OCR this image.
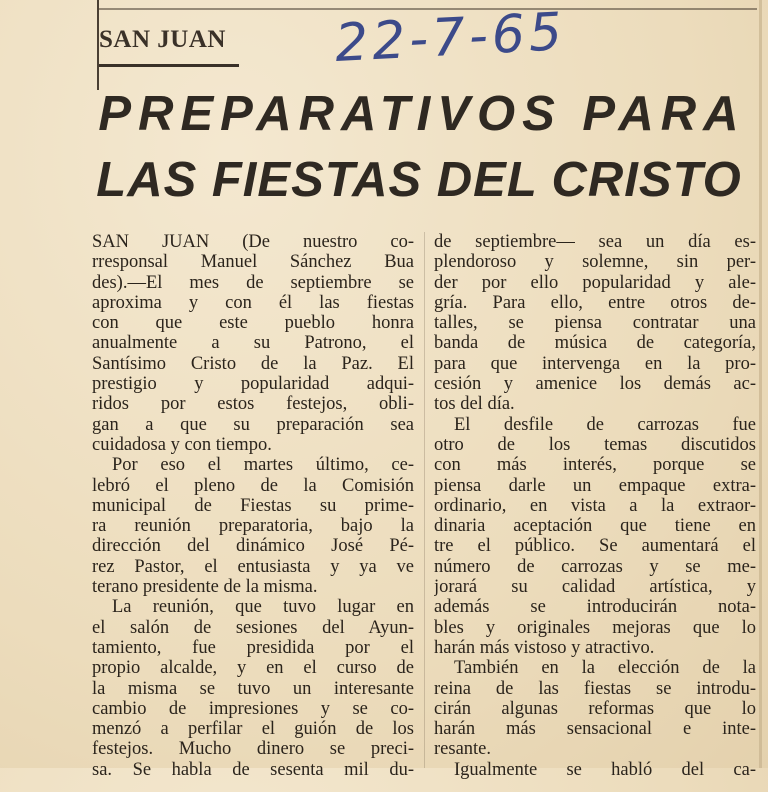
SAN JUAN 22-7-65
PREPARATIVOS PARA
LAS FIESTAS DEL CRISTO
SAN JUAN (De nuestro co-
rresponsal Manuel Sánchez Bua
des).—El mes de septiembre se
aproxima y con él las fiestas
con que este pueblo honra
anualmente a su Patrono, el
Santísimo Cristo de la Paz. El
prestigio y popularidad adqui-
ridos por estos festejos, obli-
gan a que su preparación sea
cuidadosa y con tiempo.
Por eso el martes último, ce-
lebró el pleno de la Comisión
municipal de Fiestas su prime-
ra reunión preparatoria, bajo la
dirección del dinámico José Pé-
rez Pastor, el entusiasta y ya ve
terano presidente de la misma.
La reunión, que tuvo lugar en
el salón de sesiones del Ayun-
tamiento, fue presidida por el
propio alcalde, y en el curso de
la misma se tuvo un interesante
cambio de impresiones y se co-
menzó a perfilar el guión de los
festejos. Mucho dinero se preci-
sa. Se habla de sesenta mil du-
de septiembre— sea un día es-
plendoroso y solemne, sin per-
der por ello popularidad y ale-
gría. Para ello, entre otros de-
talles, se piensa contratar una
banda de música de categoría,
para que intervenga en la pro-
cesión y amenice los demás ac-
tos del día.
El desfile de carrozas fue
otro de los temas discutidos
con más interés, porque se
piensa darle un empaque extra-
ordinario, en vista a la extraor-
dinaria aceptación que tiene en
tre el público. Se aumentará el
número de carrozas y se me-
jorará su calidad artística, y
además se introducirán nota-
bles y originales mejoras que lo
harán más vistoso y atractivo.
También en la elección de la
reina de las fiestas se introdu-
cirán algunas reformas que lo
harán más sensacional e inte-
resante.
Igualmente se habló del ca-
